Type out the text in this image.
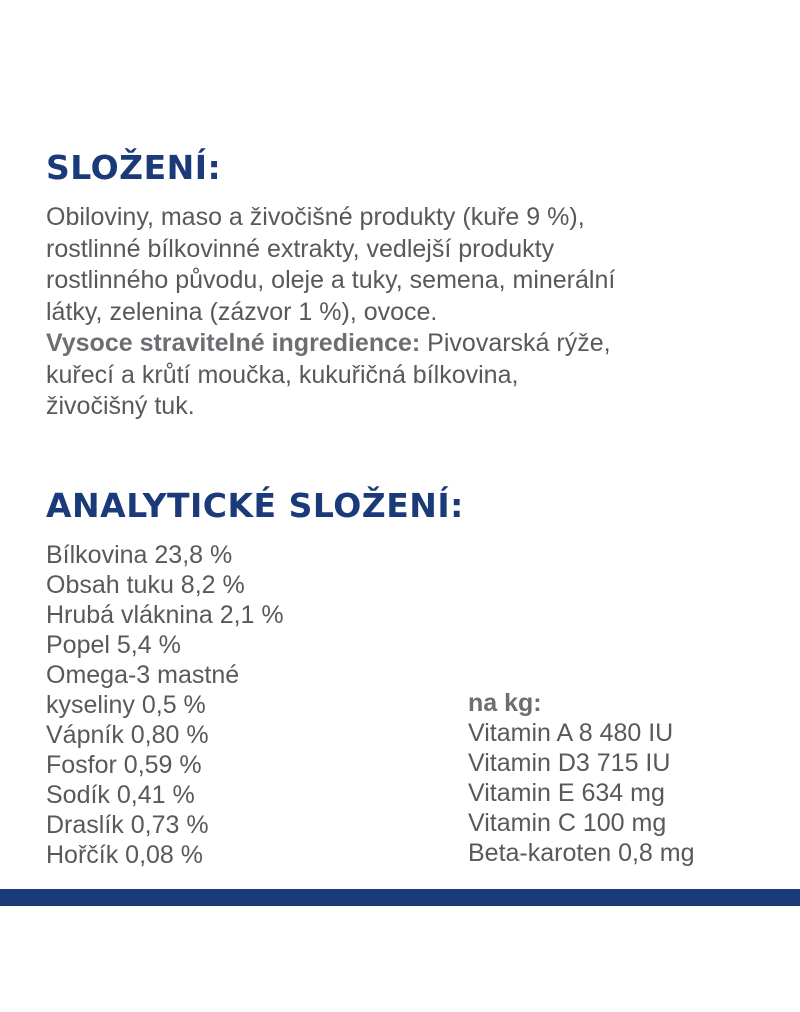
SLOŽENÍ:

Obiloviny, maso a živočišné produkty (kuře 9 %),
rostlinné bílkovinné extrakty, vedlejší produkty
rostlinného původu, oleje a tuky, semena, minerální
látky, zelenina (zázvor 1 %), ovoce.
Vysoce stravitelné ingredience: Pivovarská rýže,
kuřecí a krůtí moučka, kukuřičná bílkovina,
živočišný tuk.

ANALYTICKÉ SLOŽENÍ:
Bílkovina 23,8 %
Obsah tuku 8,2 %
Hrubá vláknina 2,1 %
Popel 5,4 %
Omega-3 mastné
kyseliny 0,5 %
Vápník 0,80 %
Fosfor 0,59 %
Sodík 0,41 %
Draslík 0,73 %
Hořčík 0,08 %
na kg:
Vitamin A 8 480 IU
Vitamin D3 715 IU
Vitamin E 634 mg
Vitamin C 100 mg
Beta-karoten 0,8 mg
